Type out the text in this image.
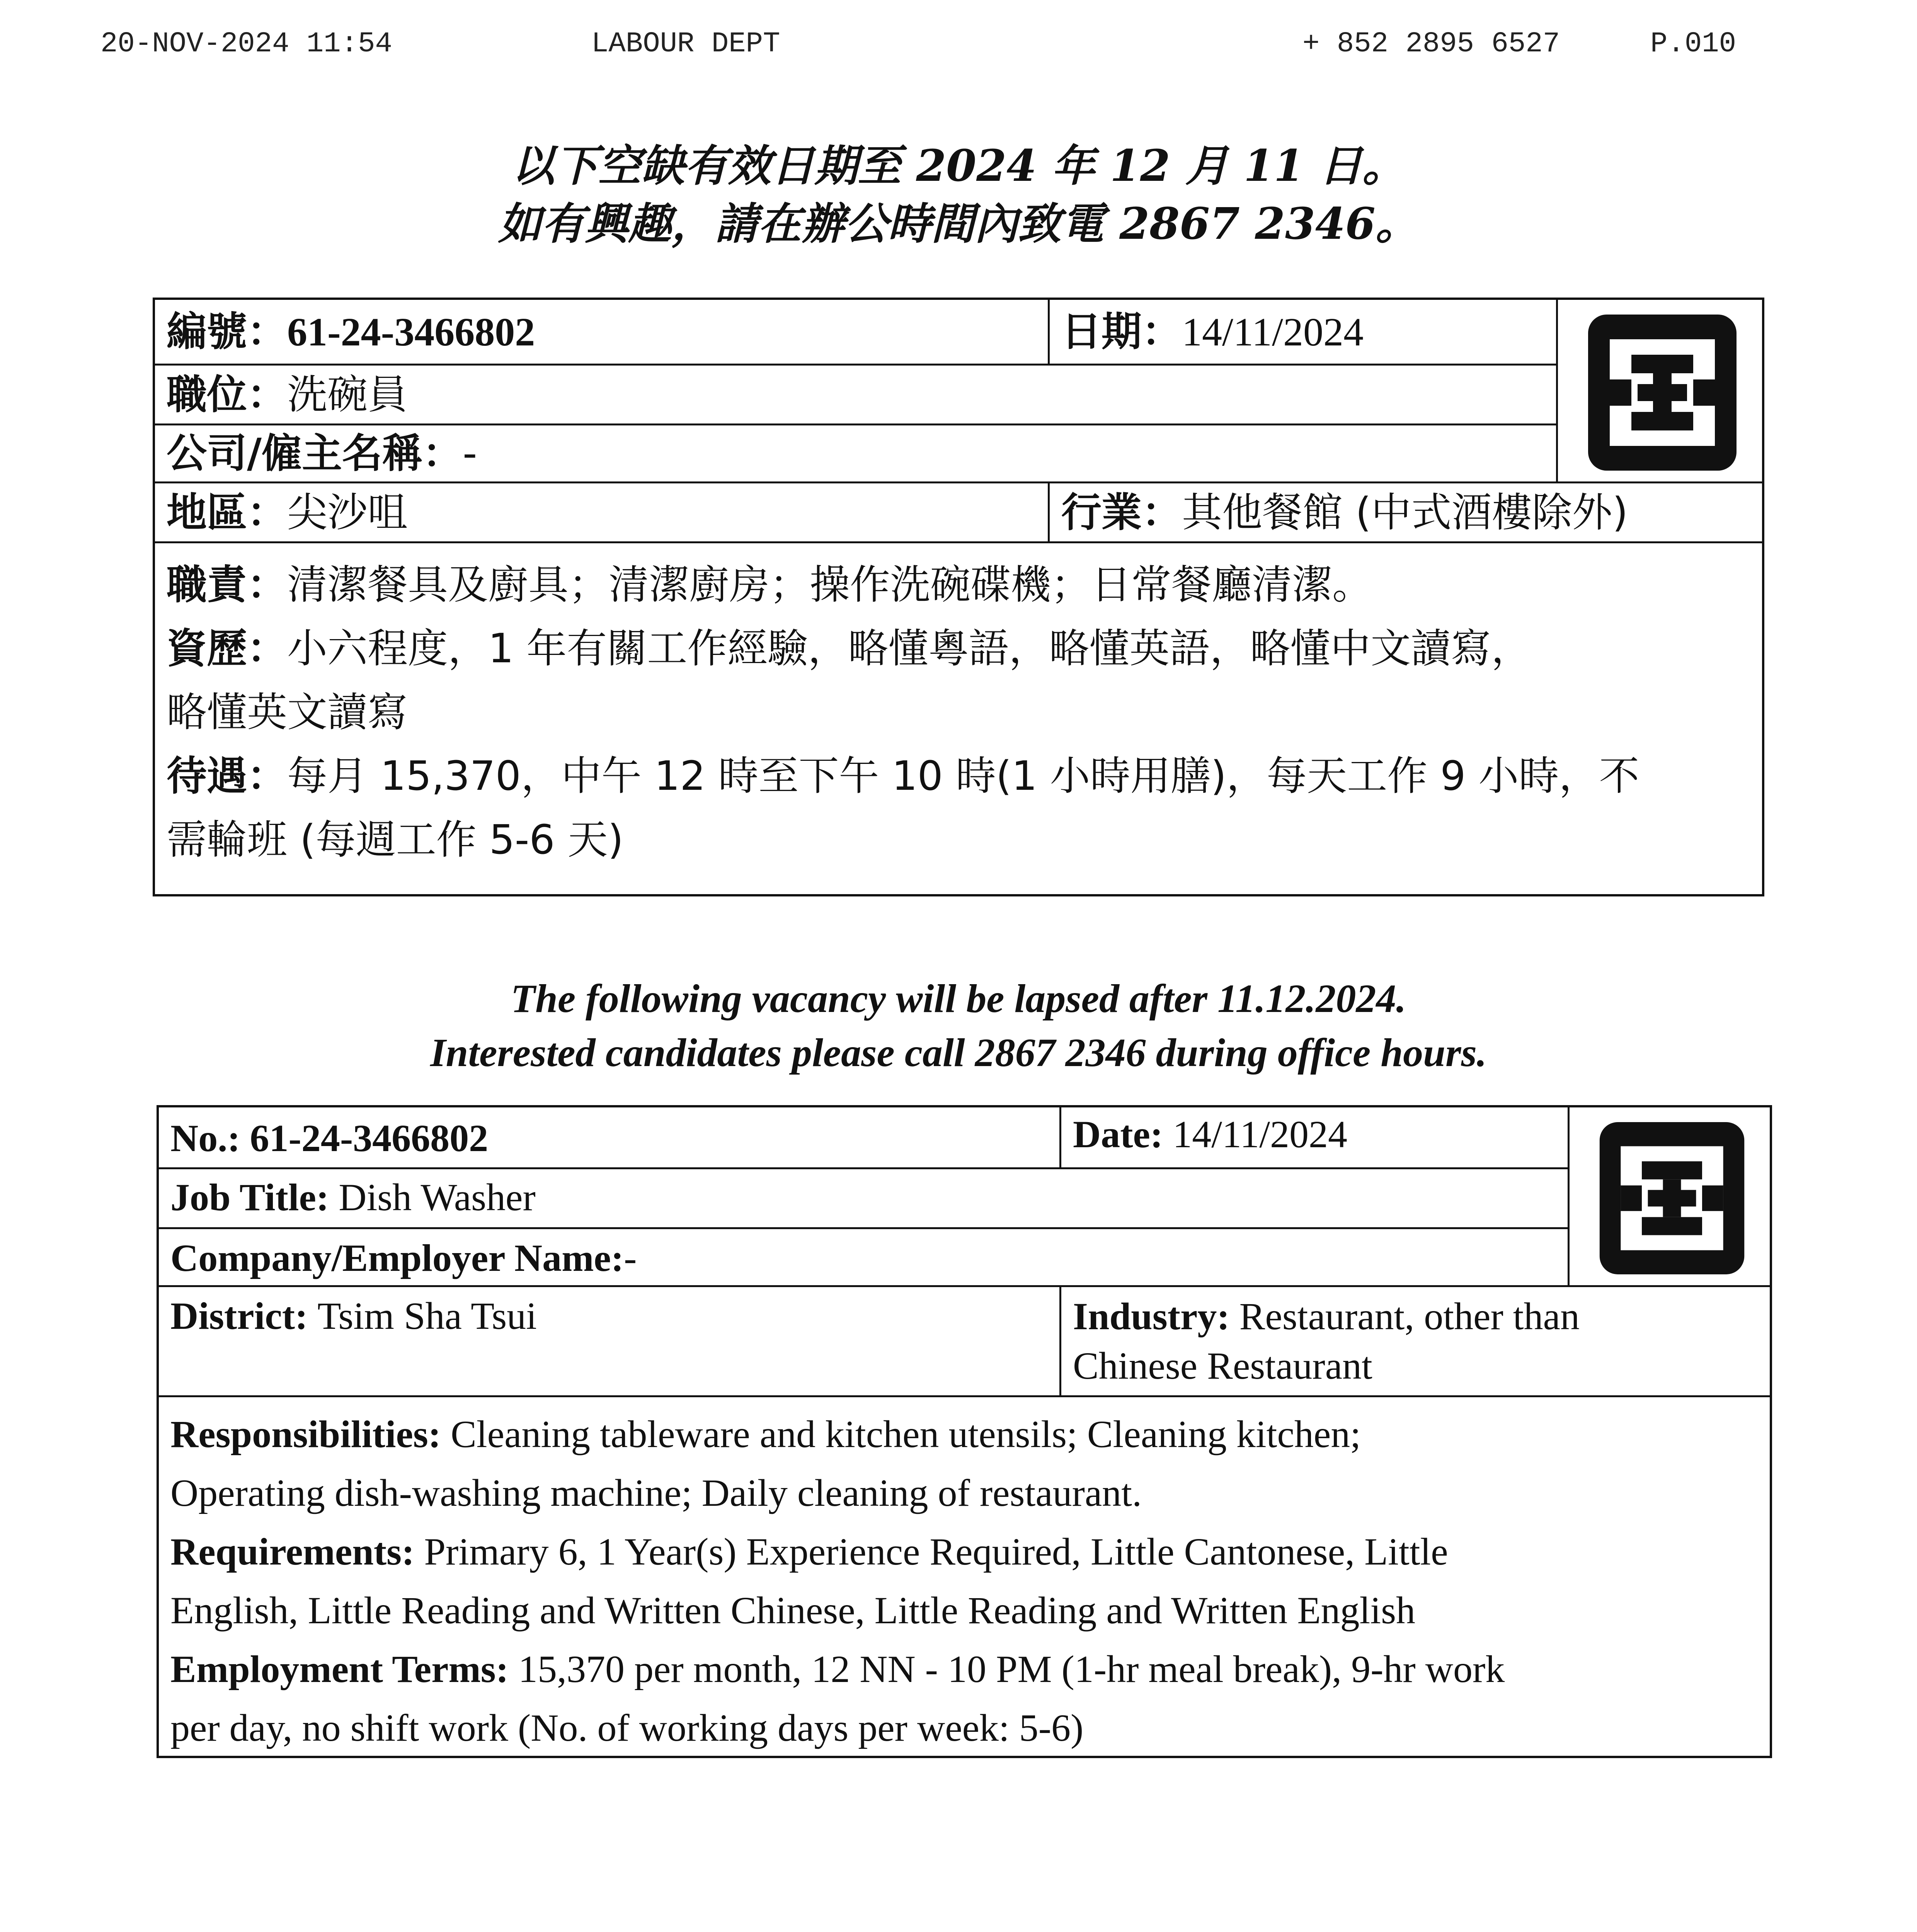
20-NOV-2024 11:54	LABOUR DEPT	+ 852 2895 6527	P.010
以下空缺有效日期至 2024 年 12 月 11 日。
如有興趣，請在辦公時間內致電 2867 2346。
編號：61-24-3466802	日期：14/11/2024
職位：洗碗員
公司/僱主名稱：-
地區：尖沙咀	行業：其他餐館 (中式酒樓除外)

職責：清潔餐具及廚具；清潔廚房；操作洗碗碟機；日常餐廳清潔。

資歷：小六程度，1 年有關工作經驗，略懂粵語，略懂英語，略懂中文讀寫，

略懂英文讀寫

待遇：每月 15,370，中午 12 時至下午 10 時(1 小時用膳)，每天工作 9 小時，不

需輪班 (每週工作 5-6 天)

The following vacancy will be lapsed after 11.12.2024.
Interested candidates please call 2867 2346 during office hours.
No.: 61-24-3466802	Date: 14/11/2024
Job Title: Dish Washer
Company/Employer Name:-
District: Tsim Sha Tsui	Industry: Restaurant, other than
Chinese Restaurant

Responsibilities: Cleaning tableware and kitchen utensils; Cleaning kitchen;

Operating dish-washing machine; Daily cleaning of restaurant.

Requirements: Primary 6, 1 Year(s) Experience Required, Little Cantonese, Little

English, Little Reading and Written Chinese, Little Reading and Written English

Employment Terms: 15,370 per month, 12 NN - 10 PM (1-hr meal break), 9-hr work

per day, no shift work (No. of working days per week: 5-6)
